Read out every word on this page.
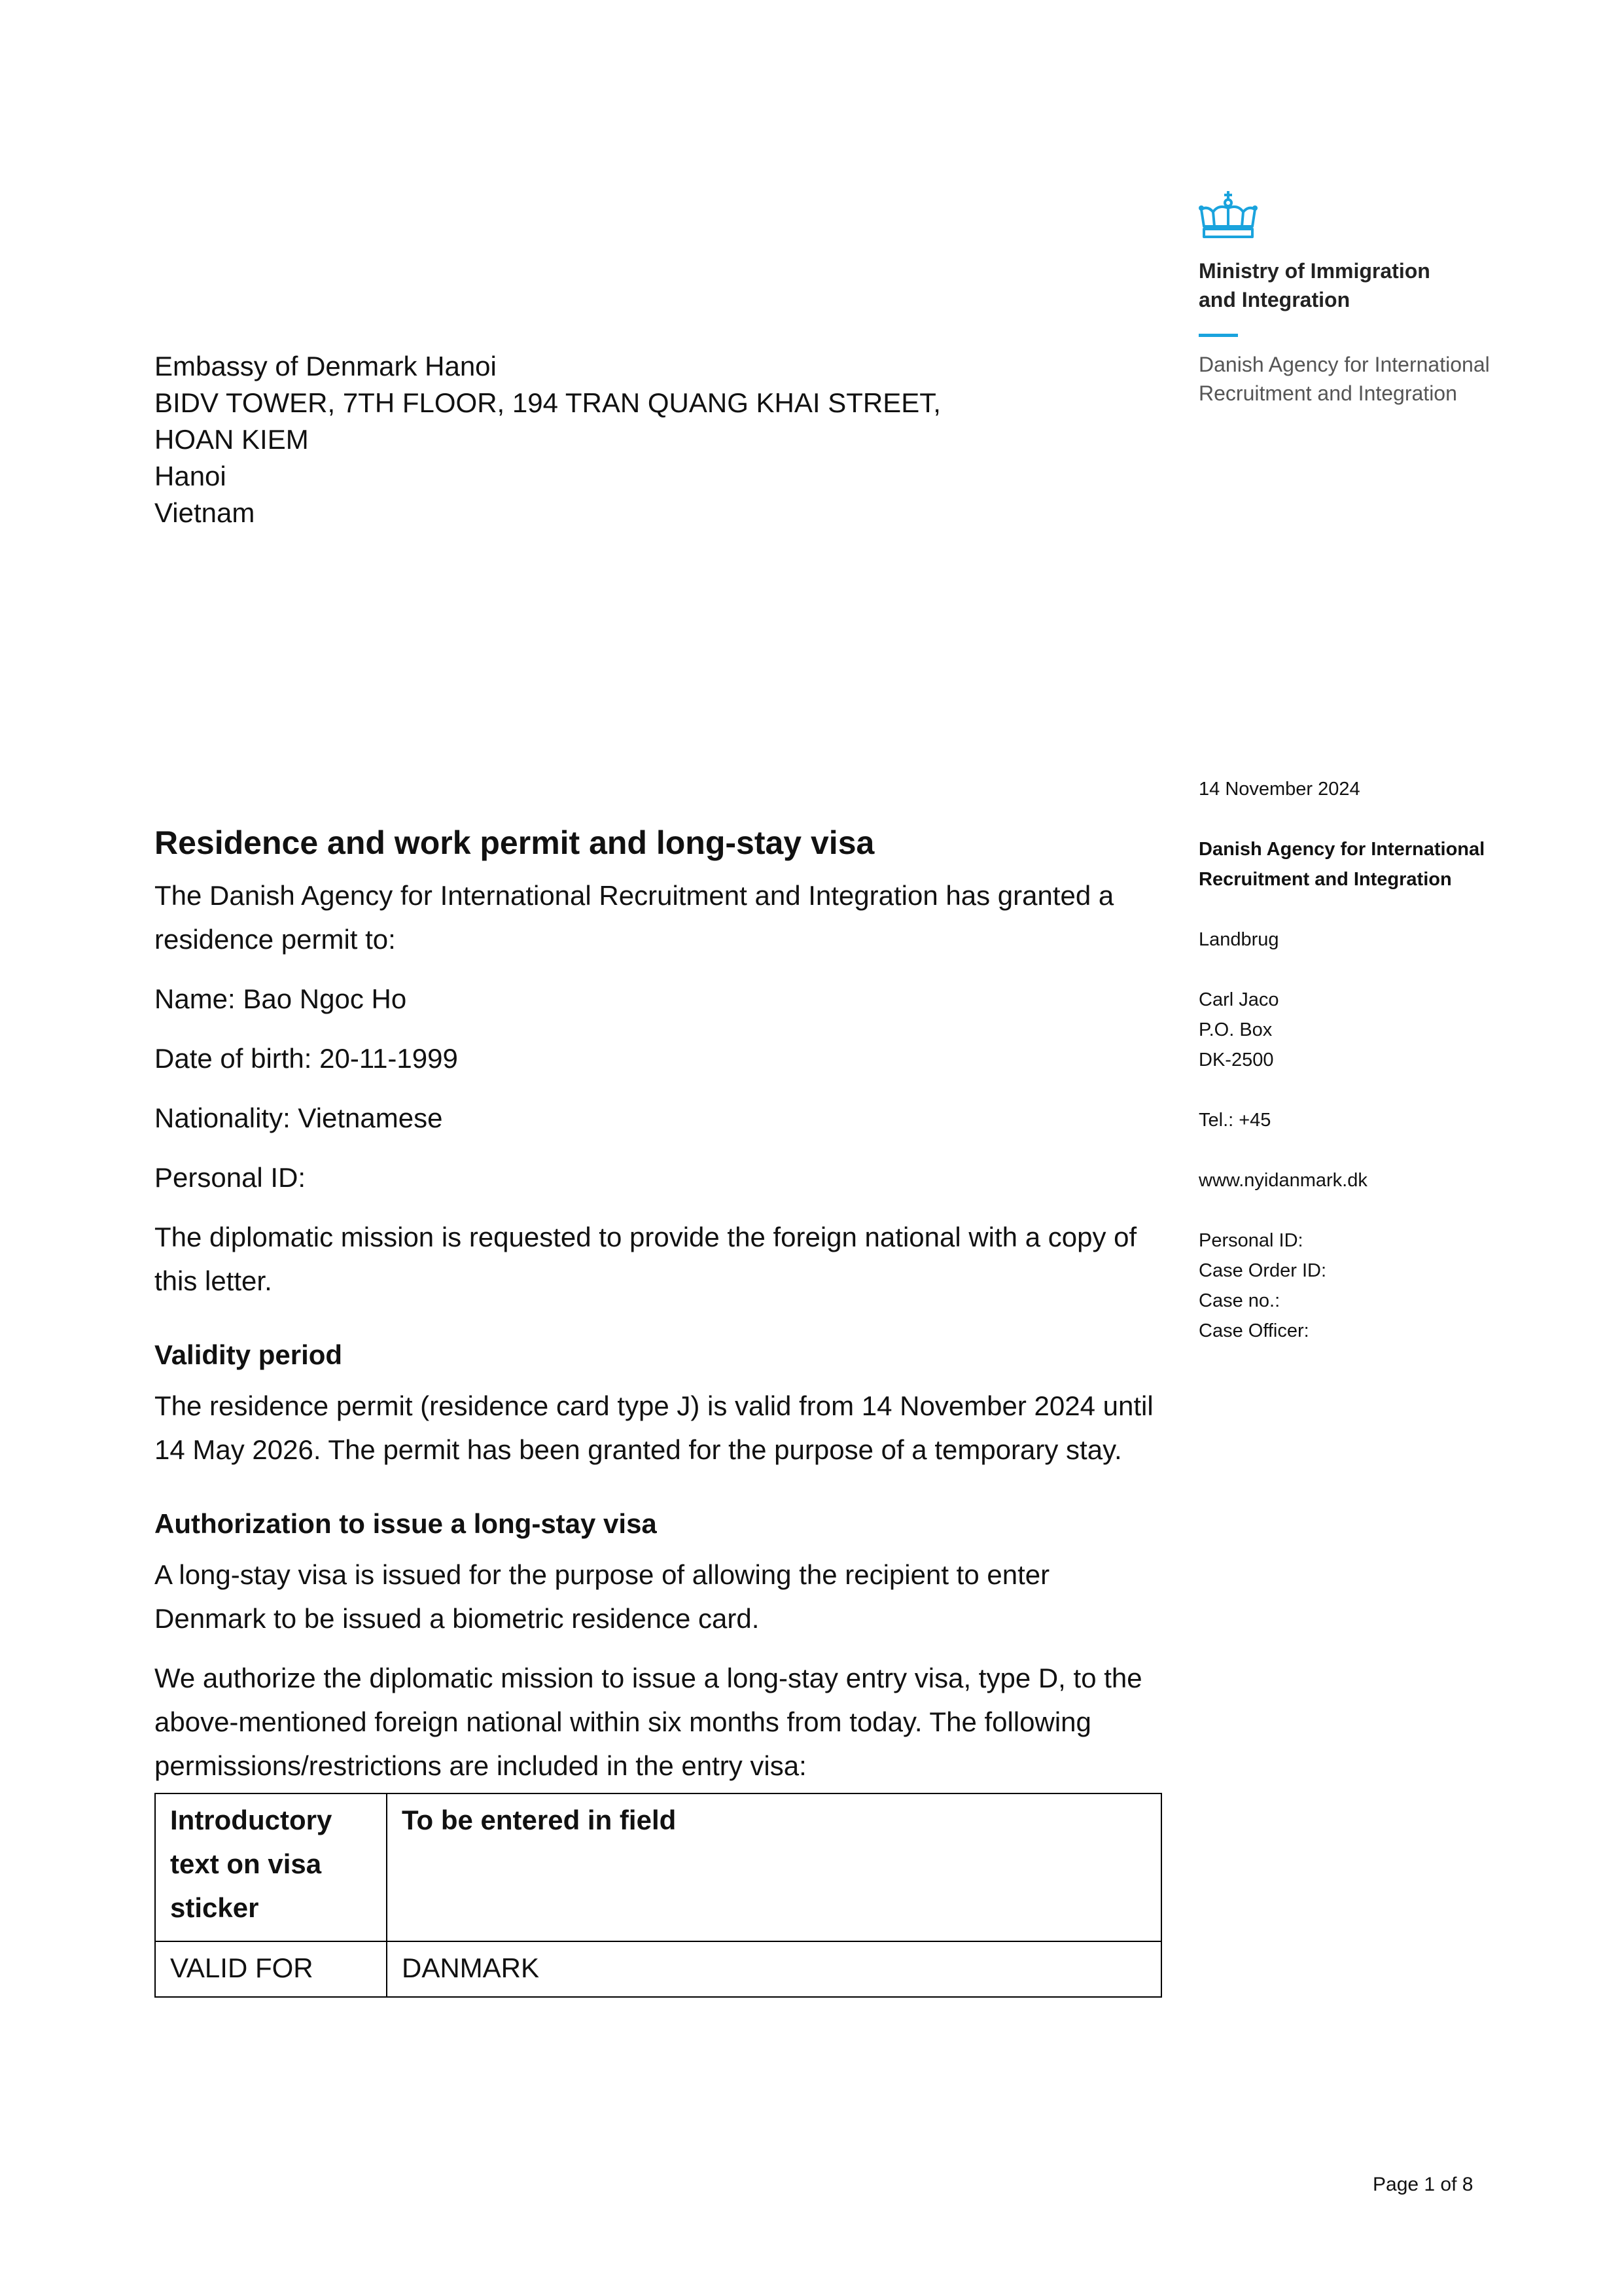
Ministry of Immigration
and Integration
Danish Agency for International
Recruitment and Integration
Embassy of Denmark Hanoi
BIDV TOWER, 7TH FLOOR, 194 TRAN QUANG KHAI STREET,
HOAN KIEM
Hanoi
Vietnam
14 November 2024
Danish Agency for International
Recruitment and Integration
Landbrug
Carl Jaco
P.O. Box
DK-2500
Tel.: +45
www.nyidanmark.dk
Personal ID:
Case Order ID:
Case no.:
Case Officer:
Residence and work permit and long-stay visa
The Danish Agency for International Recruitment and Integration has granted a residence permit to:
Name: Bao Ngoc Ho
Date of birth: 20-11-1999
Nationality: Vietnamese
Personal ID:
The diplomatic mission is requested to provide the foreign national with a copy of this letter.
Validity period
The residence permit (residence card type J) is valid from 14 November 2024 until 14 May 2026. The permit has been granted for the purpose of a temporary stay.
Authorization to issue a long-stay visa
A long-stay visa is issued for the purpose of allowing the recipient to enter Denmark to be issued a biometric residence card.
We authorize the diplomatic mission to issue a long-stay entry visa, type D, to the above-mentioned foreign national within six months from today. The following permissions/restrictions are included in the entry visa:
Introductory text on visa sticker	To be entered in field
VALID FOR	DANMARK
Page 1 of 8
